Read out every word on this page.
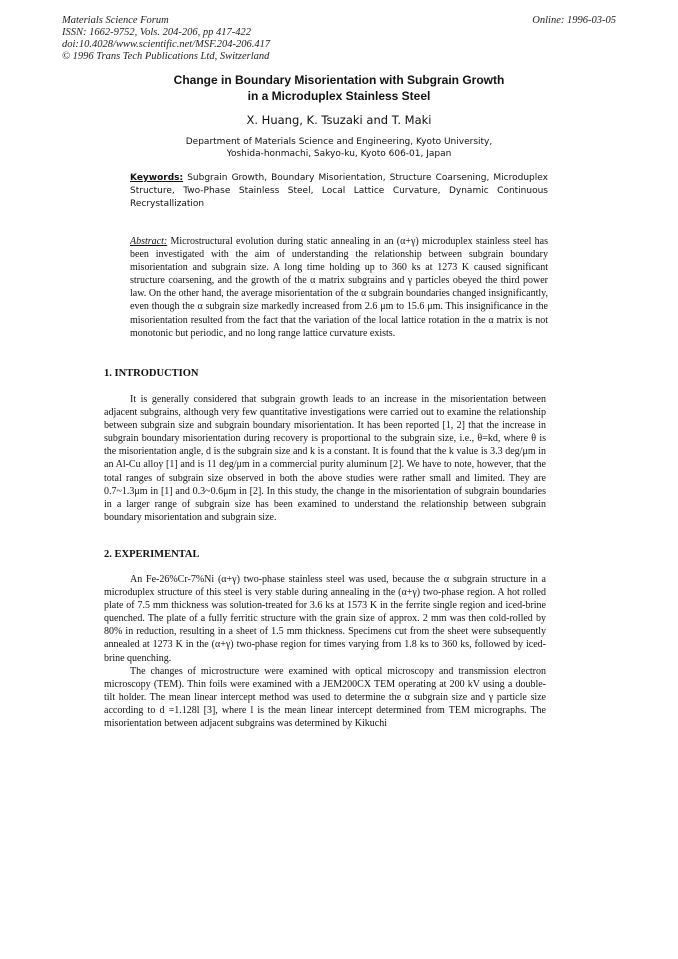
Materials Science Forum
ISSN: 1662-9752, Vols. 204-206, pp 417-422
doi:10.4028/www.scientific.net/MSF.204-206.417
© 1996 Trans Tech Publications Ltd, Switzerland
Online: 1996-03-05
Change in Boundary Misorientation with Subgrain Growth
in a Microduplex Stainless Steel
X. Huang, K. Tsuzaki and T. Maki
Department of Materials Science and Engineering, Kyoto University,
Yoshida-honmachi, Sakyo-ku, Kyoto 606-01, Japan
Keywords: Subgrain Growth, Boundary Misorientation, Structure Coarsening, Microduplex Structure, Two-Phase Stainless Steel, Local Lattice Curvature, Dynamic Continuous Recrystallization
Abstract: Microstructural evolution during static annealing in an (α+γ) microduplex stainless steel has been investigated with the aim of understanding the relationship between subgrain boundary misorientation and subgrain size. A long time holding up to 360 ks at 1273 K caused significant structure coarsening, and the growth of the α matrix subgrains and γ particles obeyed the third power law. On the other hand, the average misorientation of the α subgrain boundaries changed insignificantly, even though the α subgrain size markedly increased from 2.6 μm to 15.6 μm. This insignificance in the misorientation resulted from the fact that the variation of the local lattice rotation in the α matrix is not monotonic but periodic, and no long range lattice curvature exists.
1. INTRODUCTION

It is generally considered that subgrain growth leads to an increase in the misorientation between adjacent subgrains, although very few quantitative investigations were carried out to examine the relationship between subgrain size and subgrain boundary misorientation. It has been reported [1, 2] that the increase in subgrain boundary misorientation during recovery is proportional to the subgrain size, i.e., θ=kd, where θ is the misorientation angle, d is the subgrain size and k is a constant. It is found that the k value is 3.3 deg/μm in an Al-Cu alloy [1] and is 11 deg/μm in a commercial purity aluminum [2]. We have to note, however, that the total ranges of subgrain size observed in both the above studies were rather small and limited. They are 0.7~1.3μm in [1] and 0.3~0.6μm in [2]. In this study, the change in the misorientation of subgrain boundaries in a larger range of subgrain size has been examined to understand the relationship between subgrain boundary misorientation and subgrain size.

2. EXPERIMENTAL

An Fe-26%Cr-7%Ni (α+γ) two-phase stainless steel was used, because the α subgrain structure in a microduplex structure of this steel is very stable during annealing in the (α+γ) two-phase region. A hot rolled plate of 7.5 mm thickness was solution-treated for 3.6 ks at 1573 K in the ferrite single region and iced-brine quenched. The plate of a fully ferritic structure with the grain size of approx. 2 mm was then cold-rolled by 80% in reduction, resulting in a sheet of 1.5 mm thickness. Specimens cut from the sheet were subsequently annealed at 1273 K in the (α+γ) two-phase region for times varying from 1.8 ks to 360 ks, followed by iced-brine quenching.

The changes of microstructure were examined with optical microscopy and transmission electron microscopy (TEM). Thin foils were examined with a JEM200CX TEM operating at 200 kV using a double-tilt holder. The mean linear intercept method was used to determine the α subgrain size and γ particle size according to d =1.128l [3], where l is the mean linear intercept determined from TEM micrographs. The misorientation between adjacent subgrains was determined by Kikuchi
